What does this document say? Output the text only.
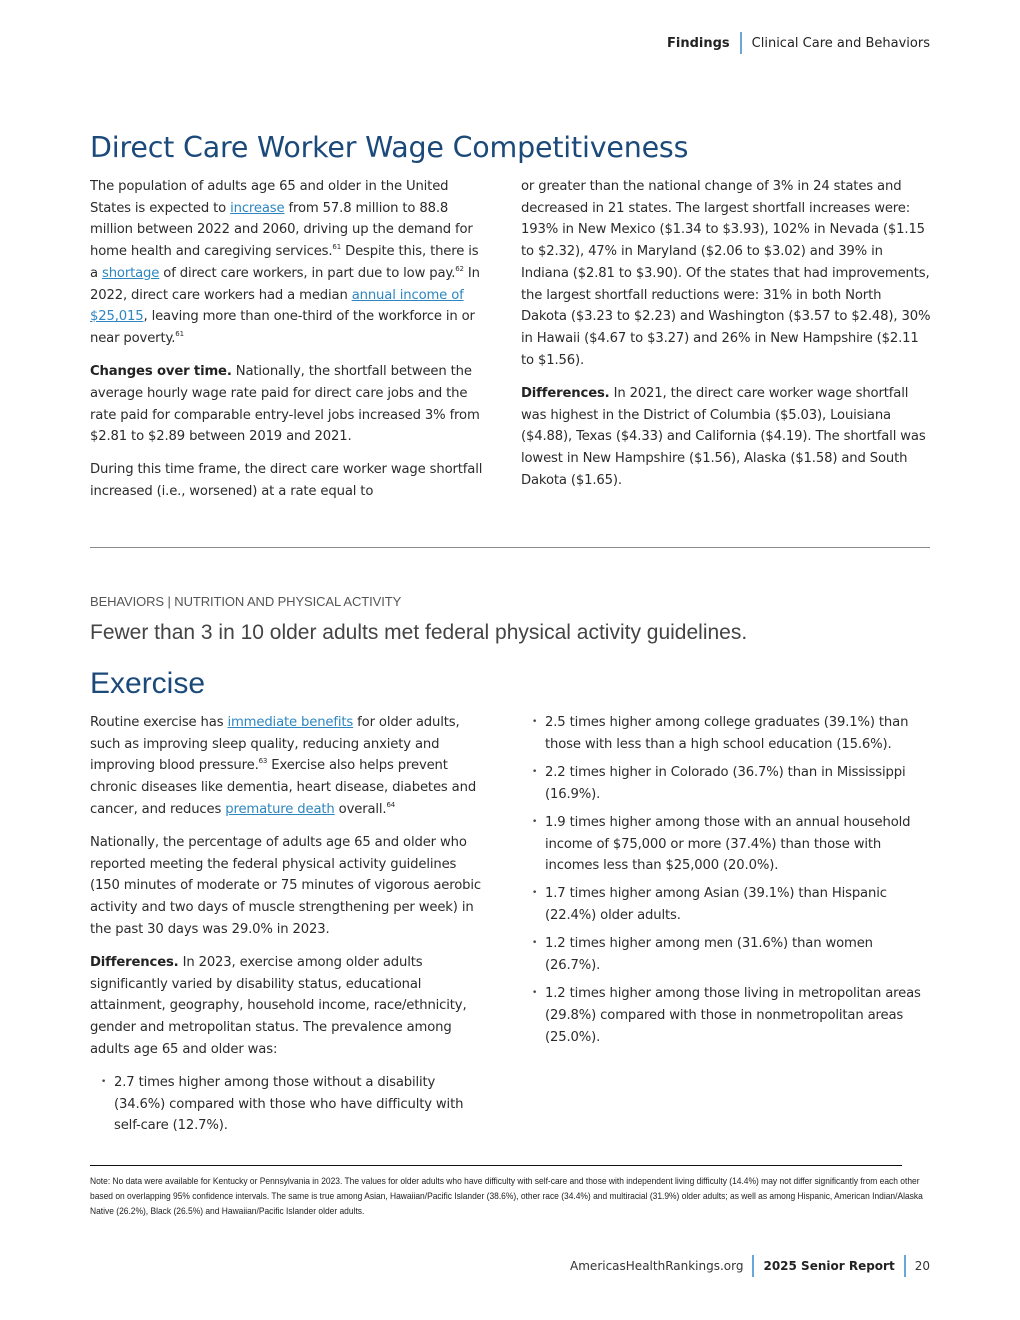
Findings Clinical Care and Behaviors
Direct Care Worker Wage Competitiveness

The population of adults age 65 and older in the United States is expected to increase from 57.8 million to 88.8 million between 2022 and 2060, driving up the demand for home health and caregiving services.$^{61}$ Despite this, there is a shortage of direct care workers, in part due to low pay.$^{62}$ In 2022, direct care workers had a median annual income of $25,015, leaving more than one-third of the workforce in or near poverty.$^{61}$

Changes over time. Nationally, the shortfall between the average hourly wage rate paid for direct care jobs and the rate paid for comparable entry-level jobs increased 3% from $2.81 to $2.89 between 2019 and 2021.

During this time frame, the direct care worker wage shortfall increased (i.e., worsened) at a rate equal to

or greater than the national change of 3% in 24 states and decreased in 21 states. The largest shortfall increases were: 193% in New Mexico ($1.34 to $3.93), 102% in Nevada ($1.15 to $2.32), 47% in Maryland ($2.06 to $3.02) and 39% in Indiana ($2.81 to $3.90). Of the states that had improvements, the largest shortfall reductions were: 31% in both North Dakota ($3.23 to $2.23) and Washington ($3.57 to $2.48), 30% in Hawaii ($4.67 to $3.27) and 26% in New Hampshire ($2.11 to $1.56).

Differences. In 2021, the direct care worker wage shortfall was highest in the District of Columbia ($5.03), Louisiana ($4.88), Texas ($4.33) and California ($4.19). The shortfall was lowest in New Hampshire ($1.56), Alaska ($1.58) and South Dakota ($1.65).

BEHAVIORS | NUTRITION AND PHYSICAL ACTIVITY
Fewer than 3 in 10 older adults met federal physical activity guidelines.
Exercise

Routine exercise has immediate benefits for older adults, such as improving sleep quality, reducing anxiety and improving blood pressure.$^{63}$ Exercise also helps prevent chronic diseases like dementia, heart disease, diabetes and cancer, and reduces premature death overall.$^{64}$

Nationally, the percentage of adults age 65 and older who reported meeting the federal physical activity guidelines (150 minutes of moderate or 75 minutes of vigorous aerobic activity and two days of muscle strengthening per week) in the past 30 days was 29.0% in 2023.

Differences. In 2023, exercise among older adults significantly varied by disability status, educational attainment, geography, household income, race/ethnicity, gender and metropolitan status. The prevalence among adults age 65 and older was:

• 2.7 times higher among those without a disability (34.6%) compared with those who have difficulty with self-care (12.7%).
• 2.5 times higher among college graduates (39.1%) than those with less than a high school education (15.6%).
• 2.2 times higher in Colorado (36.7%) than in Mississippi (16.9%).
• 1.9 times higher among those with an annual household income of $75,000 or more (37.4%) than those with incomes less than $25,000 (20.0%).
• 1.7 times higher among Asian (39.1%) than Hispanic (22.4%) older adults.
• 1.2 times higher among men (31.6%) than women (26.7%).
• 1.2 times higher among those living in metropolitan areas (29.8%) compared with those in nonmetropolitan areas (25.0%).
Note: No data were available for Kentucky or Pennsylvania in 2023. The values for older adults who have difficulty with self-care and those with independent living difficulty (14.4%) may not differ significantly from each other based on overlapping 95% confidence intervals. The same is true among Asian, Hawaiian/Pacific Islander (38.6%), other race (34.4%) and multiracial (31.9%) older adults; as well as among Hispanic, American Indian/Alaska Native (26.2%), Black (26.5%) and Hawaiian/Pacific Islander older adults.
AmericasHealthRankings.org 2025 Senior Report 20
